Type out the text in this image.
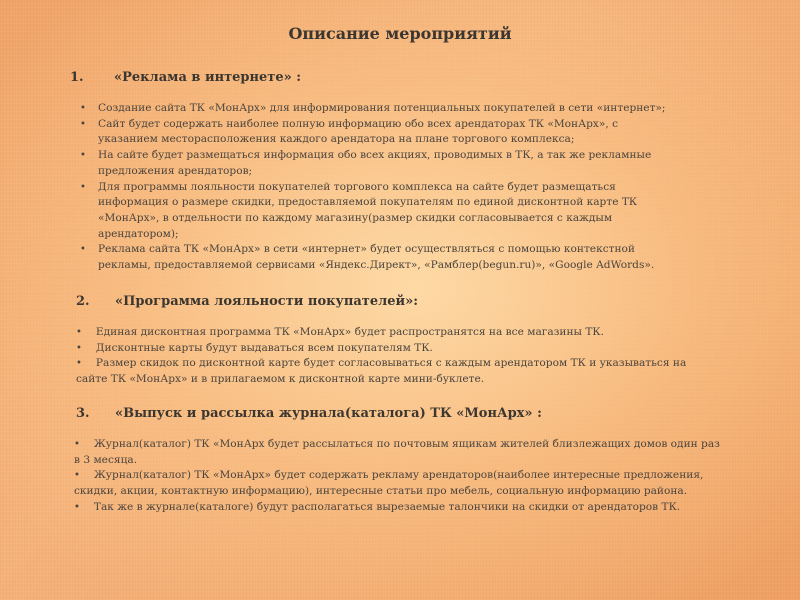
Описание мероприятий
1. «Реклама в интернете» :
• Создание сайта ТК «МонАрх» для информирования потенциальных покупателей в сети «интернет»;
• Сайт будет содержать наиболее полную информацию обо всех арендаторах ТК «МонАрх», с указанием месторасположения каждого арендатора на плане торгового комплекса;
• На сайте будет размещаться информация обо всех акциях, проводимых в ТК, а так же рекламные предложения арендаторов;
• Для программы лояльности покупателей торгового комплекса на сайте будет размещаться информация о размере скидки, предоставляемой покупателям по единой дисконтной карте ТК «МонАрх», в отдельности по каждому магазину(размер скидки согласовывается с каждым арендатором);
• Реклама сайта ТК «МонАрх» в сети «интернет» будет осуществляться с помощью контекстной рекламы, предоставляемой сервисами «Яндекс.Директ», «Рамблер(begun.ru)», «Google AdWords».
2. «Программа лояльности покупателей»:
• Единая дисконтная программа ТК «МонАрх» будет распространятся на все магазины ТК.
• Дисконтные карты будут выдаваться всем покупателям ТК.
• Размер скидок по дисконтной карте будет согласовываться с каждым арендатором ТК и указываться на сайте ТК «МонАрх» и в прилагаемом к дисконтной карте мини-буклете.
3. «Выпуск и рассылка журнала(каталога) ТК «МонАрх» :
• Журнал(каталог) ТК «МонАрх будет рассылаться по почтовым ящикам жителей близлежащих домов один раз в 3 месяца.
• Журнал(каталог) ТК «МонАрх» будет содержать рекламу арендаторов(наиболее интересные предложения, скидки, акции, контактную информацию), интересные статьи про мебель, социальную информацию района.
• Так же в журнале(каталоге) будут располагаться вырезаемые талончики на скидки от арендаторов ТК.
